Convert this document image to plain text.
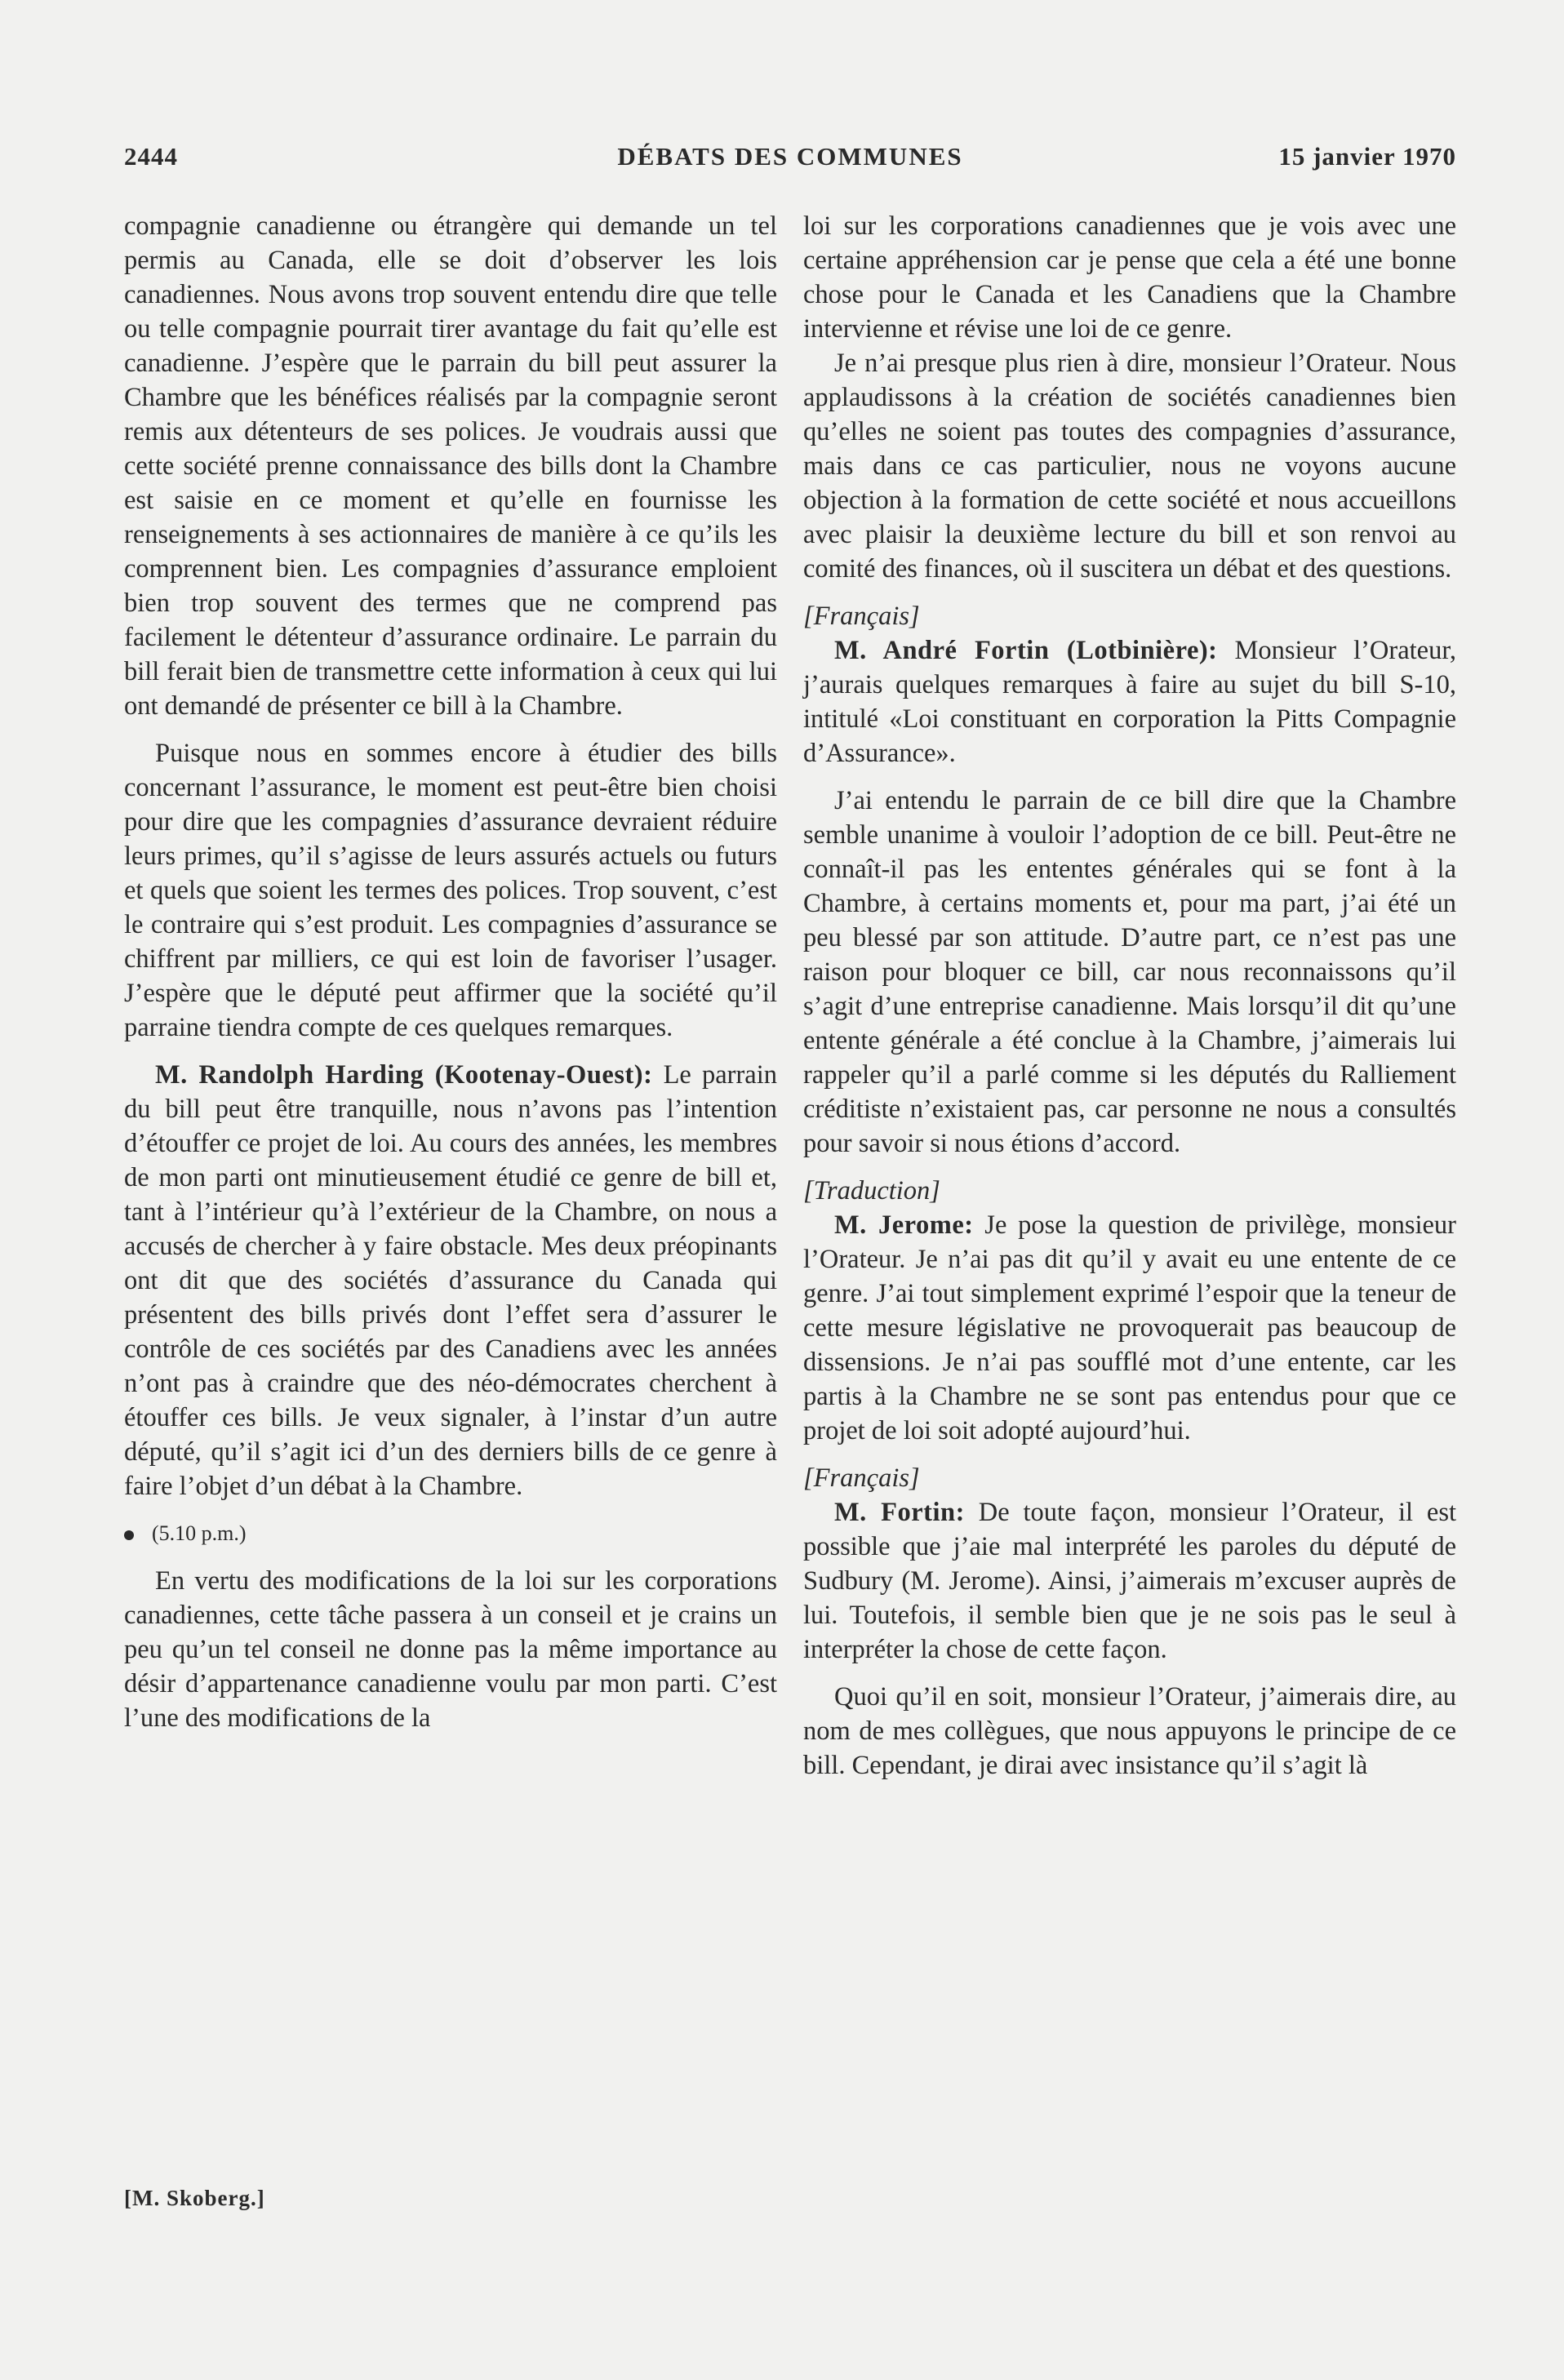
2444	DÉBATS DES COMMUNES	15 janvier 1970

compagnie canadienne ou étrangère qui demande un tel permis au Canada, elle se doit d’observer les lois canadiennes. Nous avons trop souvent entendu dire que telle ou telle compagnie pourrait tirer avantage du fait qu’elle est canadienne. J’espère que le parrain du bill peut assurer la Chambre que les bénéfices réalisés par la compagnie seront remis aux détenteurs de ses polices. Je voudrais aussi que cette société prenne connaissance des bills dont la Chambre est saisie en ce moment et qu’elle en fournisse les renseignements à ses actionnaires de manière à ce qu’ils les comprennent bien. Les compagnies d’assurance emploient bien trop souvent des termes que ne comprend pas facilement le détenteur d’assurance ordinaire. Le parrain du bill ferait bien de transmettre cette information à ceux qui lui ont demandé de présenter ce bill à la Chambre.

Puisque nous en sommes encore à étudier des bills concernant l’assurance, le moment est peut-être bien choisi pour dire que les compagnies d’assurance devraient réduire leurs primes, qu’il s’agisse de leurs assurés actuels ou futurs et quels que soient les termes des polices. Trop souvent, c’est le contraire qui s’est produit. Les compagnies d’assurance se chiffrent par milliers, ce qui est loin de favoriser l’usager. J’espère que le député peut affirmer que la société qu’il parraine tiendra compte de ces quelques remarques.

M. Randolph Harding (Kootenay-Ouest): Le parrain du bill peut être tranquille, nous n’avons pas l’intention d’étouffer ce projet de loi. Au cours des années, les membres de mon parti ont minutieusement étudié ce genre de bill et, tant à l’intérieur qu’à l’extérieur de la Chambre, on nous a accusés de chercher à y faire obstacle. Mes deux préopinants ont dit que des sociétés d’assurance du Canada qui présentent des bills privés dont l’effet sera d’assurer le contrôle de ces sociétés par des Canadiens avec les années n’ont pas à craindre que des néo-démocrates cherchent à étouffer ces bills. Je veux signaler, à l’instar d’un autre député, qu’il s’agit ici d’un des derniers bills de ce genre à faire l’objet d’un débat à la Chambre.

(5.10 p.m.)

En vertu des modifications de la loi sur les corporations canadiennes, cette tâche passera à un conseil et je crains un peu qu’un tel conseil ne donne pas la même importance au désir d’appartenance canadienne voulu par mon parti. C’est l’une des modifications de la

loi sur les corporations canadiennes que je vois avec une certaine appréhension car je pense que cela a été une bonne chose pour le Canada et les Canadiens que la Chambre intervienne et révise une loi de ce genre.

Je n’ai presque plus rien à dire, monsieur l’Orateur. Nous applaudissons à la création de sociétés canadiennes bien qu’elles ne soient pas toutes des compagnies d’assurance, mais dans ce cas particulier, nous ne voyons aucune objection à la formation de cette société et nous accueillons avec plaisir la deuxième lecture du bill et son renvoi au comité des finances, où il suscitera un débat et des questions.

[Français]

M. André Fortin (Lotbinière): Monsieur l’Orateur, j’aurais quelques remarques à faire au sujet du bill S-10, intitulé «Loi constituant en corporation la Pitts Compagnie d’Assurance».

J’ai entendu le parrain de ce bill dire que la Chambre semble unanime à vouloir l’adoption de ce bill. Peut-être ne connaît-il pas les ententes générales qui se font à la Chambre, à certains moments et, pour ma part, j’ai été un peu blessé par son attitude. D’autre part, ce n’est pas une raison pour bloquer ce bill, car nous reconnaissons qu’il s’agit d’une entreprise canadienne. Mais lorsqu’il dit qu’une entente générale a été conclue à la Chambre, j’aimerais lui rappeler qu’il a parlé comme si les députés du Ralliement créditiste n’existaient pas, car personne ne nous a consultés pour savoir si nous étions d’accord.

[Traduction]

M. Jerome: Je pose la question de privilège, monsieur l’Orateur. Je n’ai pas dit qu’il y avait eu une entente de ce genre. J’ai tout simplement exprimé l’espoir que la teneur de cette mesure législative ne provoquerait pas beaucoup de dissensions. Je n’ai pas soufflé mot d’une entente, car les partis à la Chambre ne se sont pas entendus pour que ce projet de loi soit adopté aujourd’hui.

[Français]

M. Fortin: De toute façon, monsieur l’Orateur, il est possible que j’aie mal interprété les paroles du député de Sudbury (M. Jerome). Ainsi, j’aimerais m’excuser auprès de lui. Toutefois, il semble bien que je ne sois pas le seul à interpréter la chose de cette façon.

Quoi qu’il en soit, monsieur l’Orateur, j’aimerais dire, au nom de mes collègues, que nous appuyons le principe de ce bill. Cependant, je dirai avec insistance qu’il s’agit là

[M. Skoberg.]
